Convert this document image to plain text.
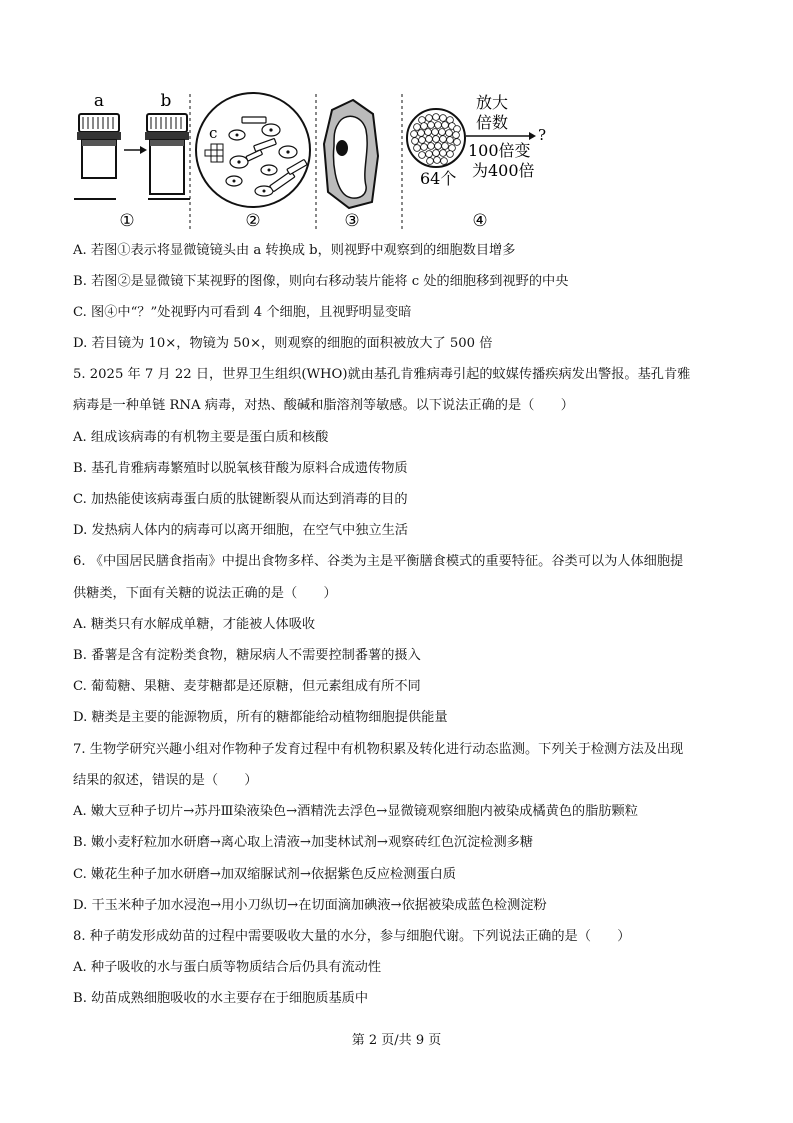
a	b
①
c
②	③
放大
倍数
?
100倍变
为400倍
64个
④
A. 若图①表示将显微镜镜头由 a 转换成 b，则视野中观察到的细胞数目增多
B. 若图②是显微镜下某视野的图像，则向右移动装片能将 c 处的细胞移到视野的中央
C. 图④中“？”处视野内可看到 4 个细胞，且视野明显变暗
D. 若目镜为 10×，物镜为 50×，则观察的细胞的面积被放大了 500 倍
5. 2025 年 7 月 22 日，世界卫生组织(WHO)就由基孔肯雅病毒引起的蚊媒传播疾病发出警报。基孔肯雅
病毒是一种单链 RNA 病毒，对热、酸碱和脂溶剂等敏感。以下说法正确的是（　　）
A. 组成该病毒的有机物主要是蛋白质和核酸
B. 基孔肯雅病毒繁殖时以脱氧核苷酸为原料合成遗传物质
C. 加热能使该病毒蛋白质的肽键断裂从而达到消毒的目的
D. 发热病人体内的病毒可以离开细胞，在空气中独立生活
6. 《中国居民膳食指南》中提出食物多样、谷类为主是平衡膳食模式的重要特征。谷类可以为人体细胞提
供糖类，下面有关糖的说法正确的是（　　）
A. 糖类只有水解成单糖，才能被人体吸收
B. 番薯是含有淀粉类食物，糖尿病人不需要控制番薯的摄入
C. 葡萄糖、果糖、麦芽糖都是还原糖，但元素组成有所不同
D. 糖类是主要的能源物质，所有的糖都能给动植物细胞提供能量
7. 生物学研究兴趣小组对作物种子发育过程中有机物积累及转化进行动态监测。下列关于检测方法及出现
结果的叙述，错误的是（　　）
A. 嫩大豆种子切片→苏丹Ⅲ染液染色→酒精洗去浮色→显微镜观察细胞内被染成橘黄色的脂肪颗粒
B. 嫩小麦籽粒加水研磨→离心取上清液→加斐林试剂→观察砖红色沉淀检测多糖
C. 嫩花生种子加水研磨→加双缩脲试剂→依据紫色反应检测蛋白质
D. 干玉米种子加水浸泡→用小刀纵切→在切面滴加碘液→依据被染成蓝色检测淀粉
8. 种子萌发形成幼苗的过程中需要吸收大量的水分，参与细胞代谢。下列说法正确的是（　　）
A. 种子吸收的水与蛋白质等物质结合后仍具有流动性
B. 幼苗成熟细胞吸收的水主要存在于细胞质基质中
第 2 页/共 9 页
